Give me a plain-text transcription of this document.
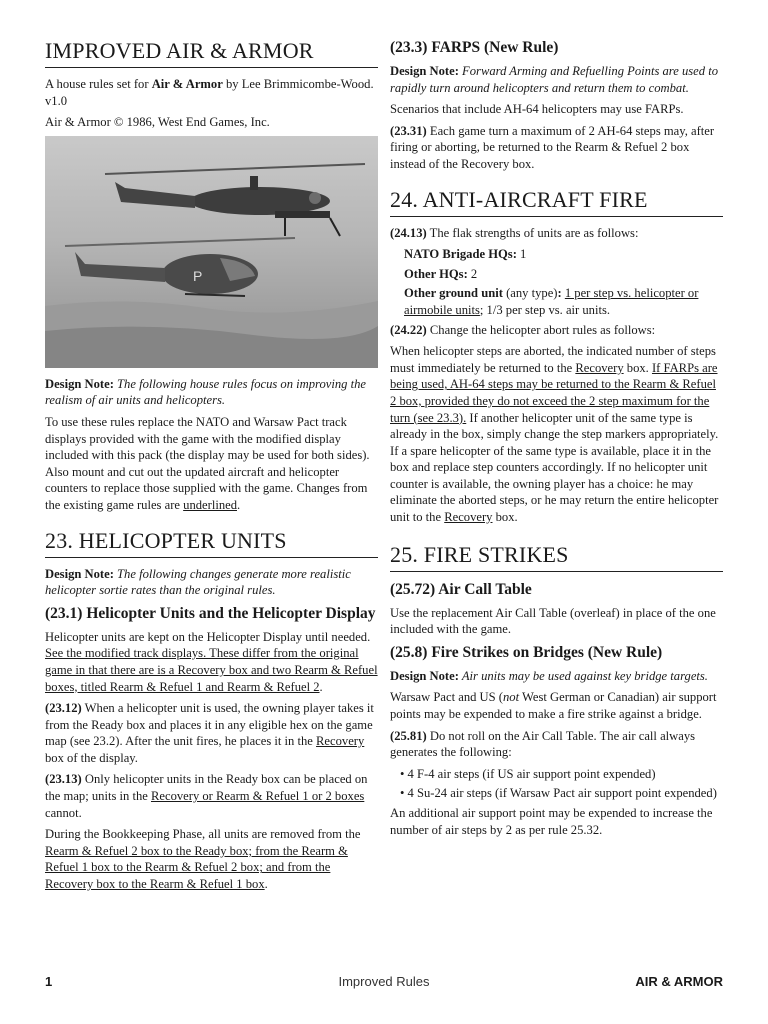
IMPROVED AIR & ARMOR

A house rules set for Air & Armor by Lee Brimmicombe-Wood. v1.0

Air & Armor © 1986, West End Games, Inc.

P

Design Note: The following house rules focus on improving the realism of air units and helicopters.

To use these rules replace the NATO and Warsaw Pact track displays provided with the game with the modified display included with this pack (the display may be used for both sides). Also mount and cut out the updated aircraft and helicopter counters to replace those supplied with the game. Changes from the existing game rules are underlined.

23. HELICOPTER UNITS

Design Note: The following changes generate more realistic helicopter sortie rates than the original rules.

(23.1) Helicopter Units and the Helicopter Display

Helicopter units are kept on the Helicopter Display until needed. See the modified track displays. These differ from the original game in that there are is a Recovery box and two Rearm & Refuel boxes, titled Rearm & Refuel 1 and Rearm & Refuel 2.

(23.12) When a helicopter unit is used, the owning player takes it from the Ready box and places it in any eligible hex on the game map (see 23.2). After the unit fires, he places it in the Recovery box of the display.

(23.13) Only helicopter units in the Ready box can be placed on the map; units in the Recovery or Rearm & Refuel 1 or 2 boxes cannot.

During the Bookkeeping Phase, all units are removed from the Rearm & Refuel 2 box to the Ready box; from the Rearm & Refuel 1 box to the Rearm & Refuel 2 box; and from the Recovery box to the Rearm & Refuel 1 box.

(23.3) FARPS (New Rule)

Design Note: Forward Arming and Refuelling Points are used to rapidly turn around helicopters and return them to combat.

Scenarios that include AH-64 helicopters may use FARPs.

(23.31) Each game turn a maximum of 2 AH-64 steps may, after firing or aborting, be returned to the Rearm & Refuel 2 box instead of the Recovery box.

24. ANTI-AIRCRAFT FIRE

(24.13) The flak strengths of units are as follows:

NATO Brigade HQs: 1

Other HQs: 2

Other ground unit (any type): 1 per step vs. helicopter or airmobile units; 1/3 per step vs. air units.

(24.22) Change the helicopter abort rules as follows:

When helicopter steps are aborted, the indicated number of steps must immediately be returned to the Recovery box. If FARPs are being used, AH-64 steps may be returned to the Rearm & Refuel 2 box, provided they do not exceed the 2 step maximum for the turn (see 23.3). If another helicopter unit of the same type is already in the box, simply change the step markers appropriately. If a spare helicopter of the same type is available, place it in the box and replace step counters accordingly. If no helicopter unit counter is available, the owning player has a choice: he may eliminate the aborted steps, or he may return the entire helicopter unit to the Recovery box.

25. FIRE STRIKES
(25.72) Air Call Table

Use the replacement Air Call Table (overleaf) in place of the one included with the game.

(25.8) Fire Strikes on Bridges (New Rule)

Design Note: Air units may be used against key bridge targets.

Warsaw Pact and US (not West German or Canadian) air support points may be expended to make a fire strike against a bridge.

(25.81) Do not roll on the Air Call Table. The air call always generates the following:

• 4 F-4 air steps (if US air support point expended)

• 4 Su-24 air steps (if Warsaw Pact air support point expended)

An additional air support point may be expended to increase the number of air steps by 2 as per rule 25.32.

1	Improved Rules	AIR & ARMOR
